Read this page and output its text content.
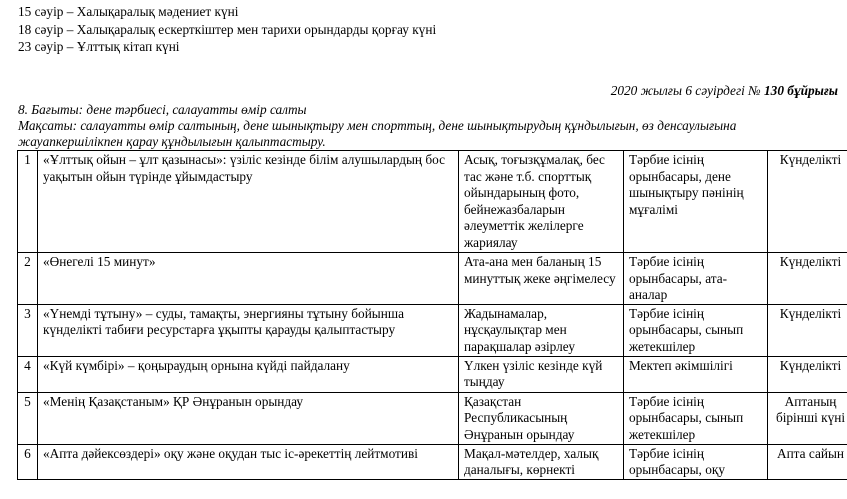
15 сәуір – Халықаралық мәдениет күні
18 сәуір – Халықаралық ескерткіштер мен тарихи орындарды қорғау күні
23 сәуір – Ұлттық кітап күні
2020 жылғы 6 сәуірдегі № 130 бұйрығы
8. Бағыты: дене тәрбиесі, салауатты өмір салты
Мақсаты: салауатты өмір салтының, дене шынықтыру мен спорттың, дене шынықтырудың құндылығын, өз денсаулығына жауапкершілікпен қарау құндылығын қалыптастыру.
1	«Ұлттық ойын – ұлт қазынасы»: үзіліс кезінде білім алушылардың бос уақытын ойын түрінде ұйымдастыру	Асық, тоғызқұмалақ, бес тас және т.б. спорттық ойындарының фото, бейнежазбаларын әлеуметтік желілерге жариялау	Тәрбие ісінің орынбасары, дене шынықтыру пәнінің мұғалімі	Күнделікті
2	«Өнегелі 15 минут»	Ата-ана мен баланың 15 минуттық жеке әңгімелесу	Тәрбие ісінің орынбасары, ата-аналар	Күнделікті
3	«Үнемді тұтыну» – суды, тамақты, энергияны тұтыну бойынша күнделікті табиғи ресурстарға ұқыпты қарауды қалыптастыру	Жадынамалар, нұсқаулықтар мен парақшалар әзірлеу	Тәрбие ісінің орынбасары, сынып жетекшілер	Күнделікті
4	«Күй күмбірі» – қоңыраудың орнына күйді пайдалану	Үлкен үзіліс кезінде күй тыңдау	Мектеп әкімшілігі	Күнделікті
5	«Менің Қазақстаным» ҚР Әнұранын орындау	Қазақстан Республикасының Әнұранын орындау	Тәрбие ісінің орынбасары, сынып жетекшілер	Аптаның бірінші күні
6	«Апта дәйексөздері» оқу және оқудан тыс іс-әрекеттің лейтмотиві	Мақал-мәтелдер, халық даналығы, көрнекті	Тәрбие ісінің орынбасары, оқу	Апта сайын
